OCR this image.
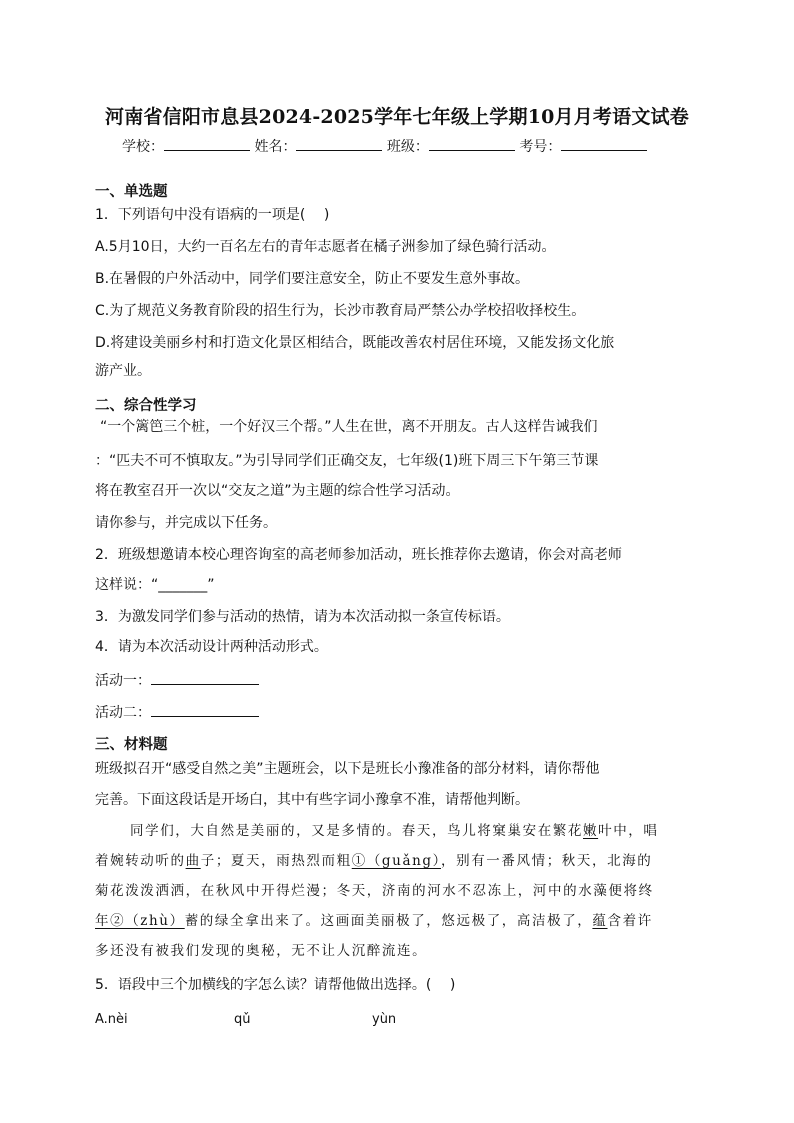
河南省信阳市息县2024-2025学年七年级上学期10月月考语文试卷
学校：	姓名：	班级：	考号：
一、单选题
1．下列语句中没有语病的一项是(　 )
A.5月10日，大约一百名左右的青年志愿者在橘子洲参加了绿色骑行活动。
B.在暑假的户外活动中，同学们要注意安全，防止不要发生意外事故。
C.为了规范义务教育阶段的招生行为，长沙市教育局严禁公办学校招收择校生。
D.将建设美丽乡村和打造文化景区相结合，既能改善农村居住环境，又能发扬文化旅
游产业。
二、综合性学习
“一个篱笆三个桩，一个好汉三个帮。”人生在世，离不开朋友。古人这样告诫我们
：“匹夫不可不慎取友。”为引导同学们正确交友，七年级(1)班下周三下午第三节课
将在教室召开一次以“交友之道”为主题的综合性学习活动。
请你参与，并完成以下任务。
2．班级想邀请本校心理咨询室的高老师参加活动，班长推荐你去邀请，你会对高老师
这样说：“_______”
3．为激发同学们参与活动的热情，请为本次活动拟一条宣传标语。
4．请为本次活动设计两种活动形式。
活动一：
活动二：
三、材料题
班级拟召开“感受自然之美”主题班会，以下是班长小豫准备的部分材料，请你帮他
完善。下面这段话是开场白，其中有些字词小豫拿不准，请帮他判断。
同学们，大自然是美丽的，又是多情的。春天，鸟儿将窠巢安在繁花嫩叶中，唱
着婉转动听的曲子；夏天，雨热烈而粗①（guǎng），别有一番风情；秋天，北海的
菊花泼泼洒洒，在秋风中开得烂漫；冬天，济南的河水不忍冻上，河中的水藻便将终
年②（zhù）蓄的绿全拿出来了。这画面美丽极了，悠远极了，高洁极了，蕴含着许
多还没有被我们发现的奥秘，无不让人沉醉流连。
5．语段中三个加横线的字怎么读？请帮他做出选择。(　 )
A.nèi	qǔ	yùn
